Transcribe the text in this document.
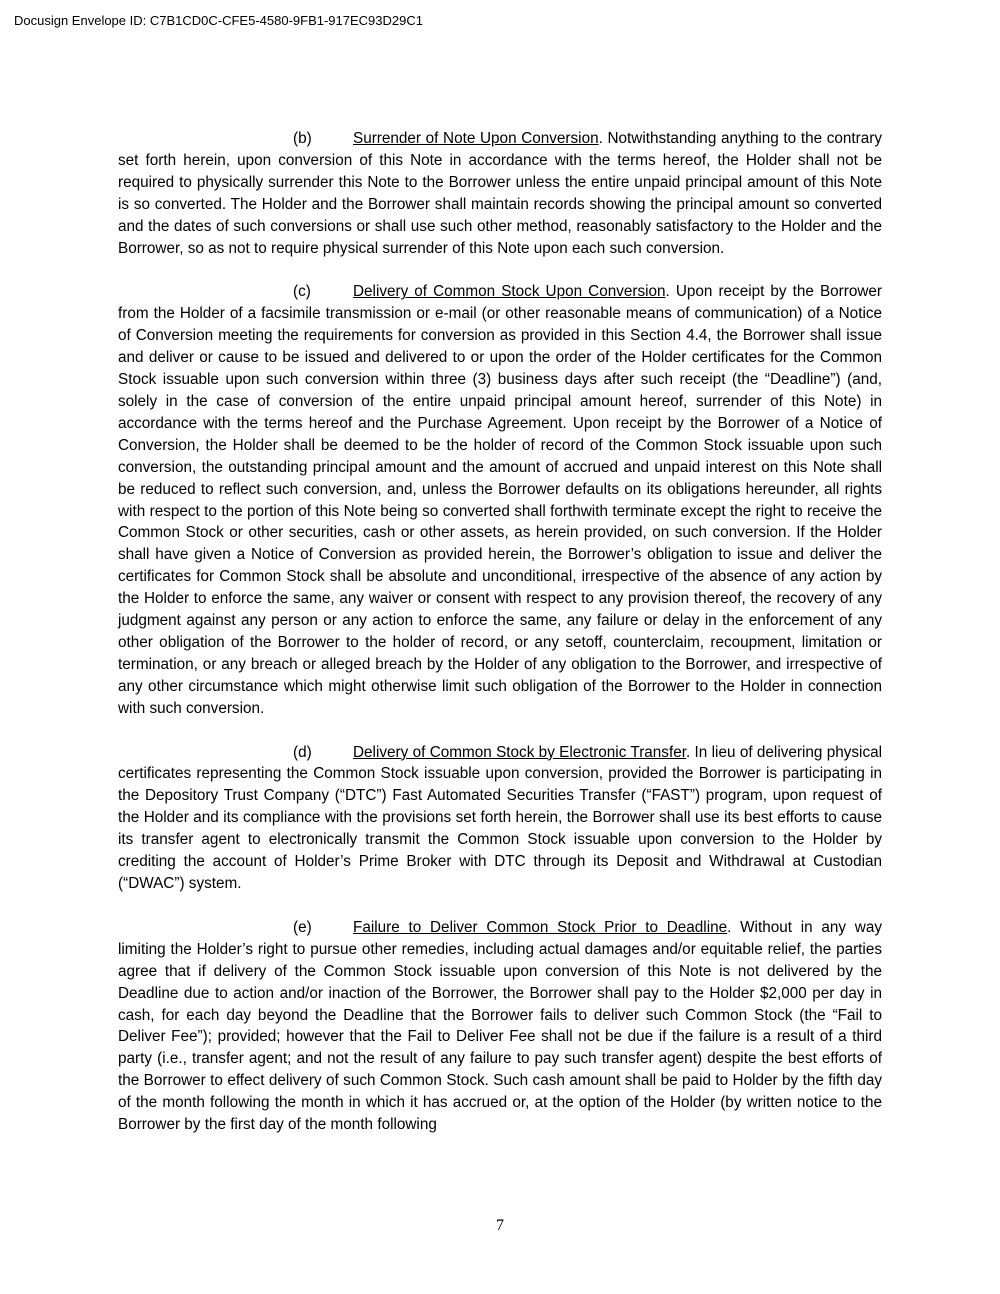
Docusign Envelope ID: C7B1CD0C-CFE5-4580-9FB1-917EC93D29C1

(b)	Surrender of Note Upon Conversion. Notwithstanding anything to the contrary set forth herein, upon conversion of this Note in accordance with the terms hereof, the Holder shall not be required to physically surrender this Note to the Borrower unless the entire unpaid principal amount of this Note is so converted. The Holder and the Borrower shall maintain records showing the principal amount so converted and the dates of such conversions or shall use such other method, reasonably satisfactory to the Holder and the Borrower, so as not to require physical surrender of this Note upon each such conversion.

(c)	Delivery of Common Stock Upon Conversion. Upon receipt by the Borrower from the Holder of a facsimile transmission or e-mail (or other reasonable means of communication) of a Notice of Conversion meeting the requirements for conversion as provided in this Section 4.4, the Borrower shall issue and deliver or cause to be issued and delivered to or upon the order of the Holder certificates for the Common Stock issuable upon such conversion within three (3) business days after such receipt (the “Deadline”) (and, solely in the case of conversion of the entire unpaid principal amount hereof, surrender of this Note) in accordance with the terms hereof and the Purchase Agreement. Upon receipt by the Borrower of a Notice of Conversion, the Holder shall be deemed to be the holder of record of the Common Stock issuable upon such conversion, the outstanding principal amount and the amount of accrued and unpaid interest on this Note shall be reduced to reflect such conversion, and, unless the Borrower defaults on its obligations hereunder, all rights with respect to the portion of this Note being so converted shall forthwith terminate except the right to receive the Common Stock or other securities, cash or other assets, as herein provided, on such conversion. If the Holder shall have given a Notice of Conversion as provided herein, the Borrower’s obligation to issue and deliver the certificates for Common Stock shall be absolute and unconditional, irrespective of the absence of any action by the Holder to enforce the same, any waiver or consent with respect to any provision thereof, the recovery of any judgment against any person or any action to enforce the same, any failure or delay in the enforcement of any other obligation of the Borrower to the holder of record, or any setoff, counterclaim, recoupment, limitation or termination, or any breach or alleged breach by the Holder of any obligation to the Borrower, and irrespective of any other circumstance which might otherwise limit such obligation of the Borrower to the Holder in connection with such conversion.

(d)	Delivery of Common Stock by Electronic Transfer. In lieu of delivering physical certificates representing the Common Stock issuable upon conversion, provided the Borrower is participating in the Depository Trust Company (“DTC”) Fast Automated Securities Transfer (“FAST”) program, upon request of the Holder and its compliance with the provisions set forth herein, the Borrower shall use its best efforts to cause its transfer agent to electronically transmit the Common Stock issuable upon conversion to the Holder by crediting the account of Holder’s Prime Broker with DTC through its Deposit and Withdrawal at Custodian (“DWAC”) system.

(e)	Failure to Deliver Common Stock Prior to Deadline. Without in any way limiting the Holder’s right to pursue other remedies, including actual damages and/or equitable relief, the parties agree that if delivery of the Common Stock issuable upon conversion of this Note is not delivered by the Deadline due to action and/or inaction of the Borrower, the Borrower shall pay to the Holder $2,000 per day in cash, for each day beyond the Deadline that the Borrower fails to deliver such Common Stock (the “Fail to Deliver Fee”); provided; however that the Fail to Deliver Fee shall not be due if the failure is a result of a third party (i.e., transfer agent; and not the result of any failure to pay such transfer agent) despite the best efforts of the Borrower to effect delivery of such Common Stock. Such cash amount shall be paid to Holder by the fifth day of the month following the month in which it has accrued or, at the option of the Holder (by written notice to the Borrower by the first day of the month following

7
